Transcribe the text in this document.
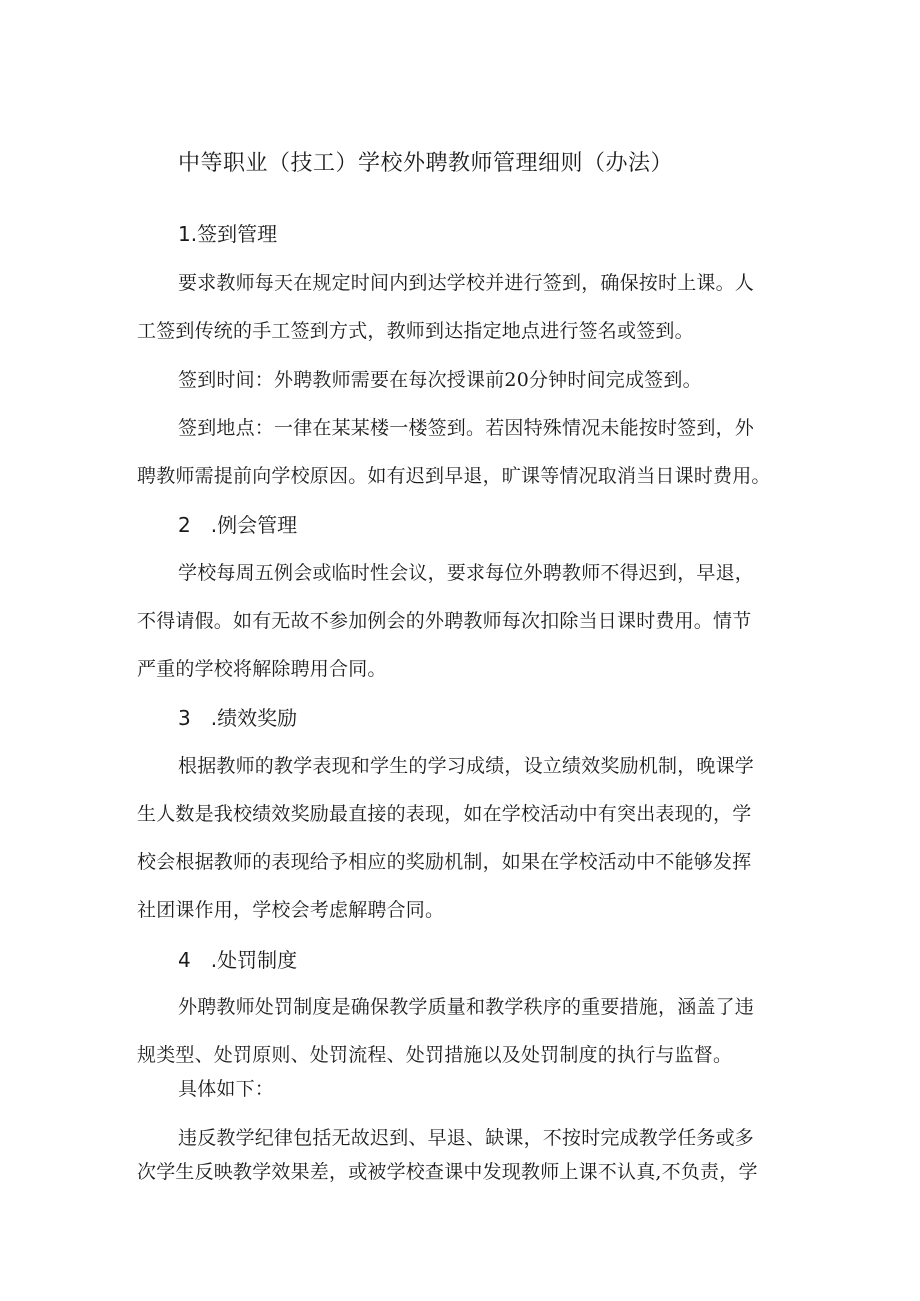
中等职业（技工）学校外聘教师管理细则（办法）
1.签到管理
要求教师每天在规定时间内到达学校并进行签到，确保按时上课。人
工签到传统的手工签到方式，教师到达指定地点进行签名或签到。
签到时间：外聘教师需要在每次授课前20分钟时间完成签到。
签到地点：一律在某某楼一楼签到。若因特殊情况未能按时签到，外
聘教师需提前向学校原因。如有迟到早退，旷课等情况取消当日课时费用。
2　.例会管理
学校每周五例会或临时性会议，要求每位外聘教师不得迟到，早退，
不得请假。如有无故不参加例会的外聘教师每次扣除当日课时费用。情节
严重的学校将解除聘用合同。
3　.绩效奖励
根据教师的教学表现和学生的学习成绩，设立绩效奖励机制，晚课学
生人数是我校绩效奖励最直接的表现，如在学校活动中有突出表现的，学
校会根据教师的表现给予相应的奖励机制，如果在学校活动中不能够发挥
社团课作用，学校会考虑解聘合同。
4　.处罚制度
外聘教师处罚制度是确保教学质量和教学秩序的重要措施，涵盖了违
规类型、处罚原则、处罚流程、处罚措施以及处罚制度的执行与监督。
具体如下：
违反教学纪律包括无故迟到、早退、缺课，不按时完成教学任务或多
次学生反映教学效果差，或被学校查课中发现教师上课不认真,不负责，学
